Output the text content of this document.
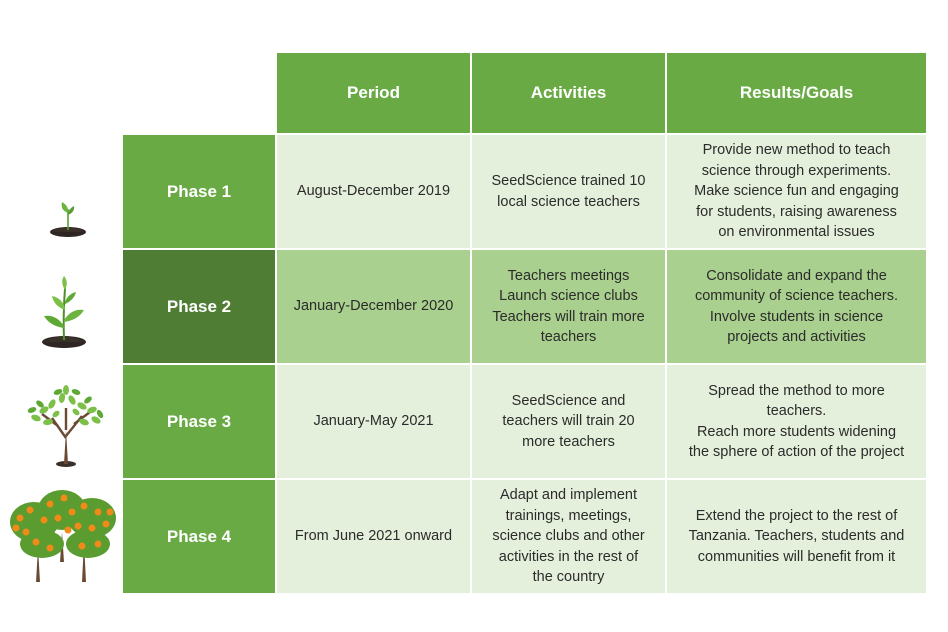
	Period	Activities	Results/Goals
Phase 1	August-December 2019	SeedScience trained 10
local science teachers	Provide new method to teach
science through experiments.
Make science fun and engaging
for students, raising awareness
on environmental issues

Phase 2	January-December 2020	Teachers meetings
Launch science clubs
Teachers will train more
teachers	Consolidate and expand the
community of science teachers.
Involve students in science
projects and activities

Phase 3	January-May 2021	SeedScience and
teachers will train 20
more teachers	Spread the method to more
teachers.
Reach more students widening
the sphere of action of the project

Phase 4	From June 2021 onward	Adapt and implement
trainings, meetings,
science clubs and other
activities in the rest of
the country	Extend the project to the rest of
Tanzania. Teachers, students and
communities will benefit from it
